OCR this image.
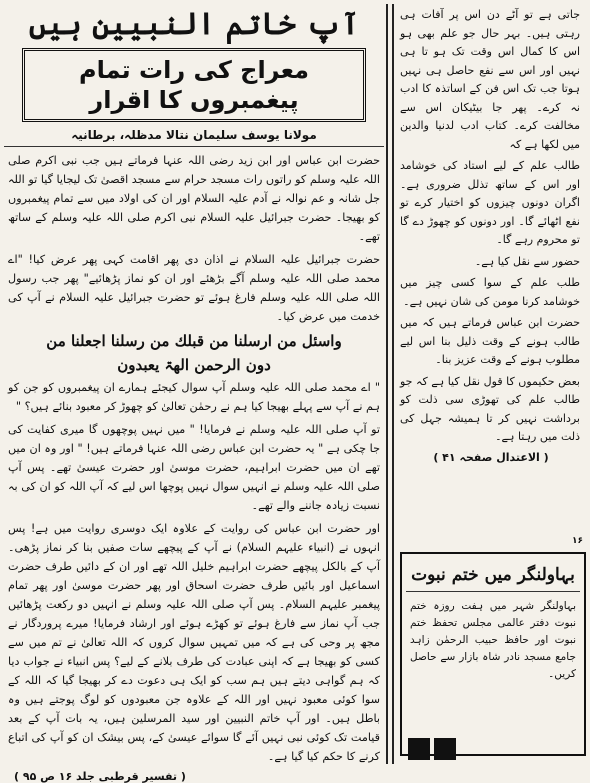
آپ خاتم النبیین ہیں
معراج کی رات تمام پیغمبروں کا اقرار
مولانا یوسف سلیمان نتالا مدظلہ، برطانیہ

حضرت ابن عباس اور ابن زید رضی اللہ عنہا فرماتے ہیں جب نبی اکرم صلی اللہ علیہ وسلم کو راتوں رات مسجد حرام سے مسجد اقصیٰ تک لیجایا گیا تو اللہ جل شانہ و عم نوالہ نے آدم علیہ السلام اور ان کی اولاد میں سے تمام پیغمبروں کو بھیجا۔ حضرت جبرائیل علیہ السلام نبی اکرم صلی اللہ علیہ وسلم کے ساتھ تھے۔

حضرت جبرائیل علیہ السلام نے اذان دی پھر اقامت کہی پھر عرض کیا! "اے محمد صلی اللہ علیہ وسلم آگے بڑھئے اور ان کو نماز پڑھائیے" پھر جب رسول اللہ صلی اللہ علیہ وسلم فارغ ہوئے تو حضرت جبرائیل علیہ السلام نے آپ کی خدمت میں عرض کیا۔

واسئل من ارسلنا من قبلك من رسلنا اجعلنا من
دون الرحمن الھۃ یعبدون

" اے محمد صلی اللہ علیہ وسلم آپ سوال کیجئے ہمارے ان پیغمبروں کو جن کو ہم نے آپ سے پہلے بھیجا کیا ہم نے رحمٰن تعالیٰ کو چھوڑ کر معبود بنائے ہیں؟ "

تو آپ صلی اللہ علیہ وسلم نے فرمایا! " میں نہیں پوچھوں گا میری کفایت کی جا چکی ہے " یہ حضرت ابن عباس رضی اللہ عنہا فرماتے ہیں! " اور وہ ان میں تھے ان میں حضرت ابراہیم، حضرت موسیٰ اور حضرت عیسیٰ تھے۔ پس آپ صلی اللہ علیہ وسلم نے انہیں سوال نہیں پوچھا اس لیے کہ آپ اللہ کو ان کی بہ نسبت زیادہ جاننے والے تھے۔

اور حضرت ابن عباس کی روایت کے علاوہ ایک دوسری روایت میں ہے! پس انہوں نے (انبیاء علیہم السلام) نے آپ کے پیچھے سات صفیں بنا کر نماز پڑھی۔ آپ کے بالکل پیچھے حضرت ابراہیم خلیل اللہ تھے اور ان کے دائیں طرف حضرت اسماعیل اور بائیں طرف حضرت اسحاق اور پھر حضرت موسیٰ اور پھر تمام پیغمبر علیہم السلام۔ پس آپ صلی اللہ علیہ وسلم نے انہیں دو رکعت پڑھائیں جب آپ نماز سے فارغ ہوئے تو کھڑے ہوئے اور ارشاد فرمایا! میرے پروردگار نے مجھ پر وحی کی ہے کہ میں تمہیں سوال کروں کہ اللہ تعالیٰ نے تم میں سے کسی کو بھیجا ہے کہ اپنی عبادت کی طرف بلانے کے لیے؟ پس انبیاء نے جواب دیا کہ ہم گواہی دیتے ہیں ہم سب کو ایک ہی دعوت دے کر بھیجا گیا کہ اللہ کے سوا کوئی معبود نہیں اور اللہ کے علاوہ جن معبودوں کو لوگ پوجتے ہیں وہ باطل ہیں۔ اور آپ خاتم النبیین اور سید المرسلین ہیں، یہ بات آپ کے بعد قیامت تک کوئی نبی نہیں آئے گا سوائے عیسیٰ کے، پس بیشک ان کو آپ کی اتباع کرنے کا حکم کیا گیا ہے۔

( تفسیر قرطبی جلد ۱۶ ص ۹۵ )

جاتی ہے تو آٹے دن اس پر آفات ہی رہتی ہیں۔ بہر حال جو علم بھی ہو اس کا کمال اس وقت تک ہو تا ہی نہیں اور اس سے نفع حاصل ہی نہیں ہوتا جب تک اس فن کے اساتذہ کا ادب نہ کرے۔ پھر جا بیٹیکان اس سے مخالفت کرے۔ کتاب ادب لدنیا والدین میں لکھا ہے کہ

طالب علم کے لیے استاد کی خوشامد اور اس کے ساتھ تذلل ضروری ہے۔ اگران دونوں چیزوں کو اختیار کرے تو نفع اٹھائے گا۔ اور دونوں کو چھوڑ دے گا تو محروم رہے گا۔

حضور سے نقل کیا ہے۔

طلب علم کے سوا کسی چیز میں خوشامد کرنا مومن کی شان نہیں ہے۔

حضرت ابن عباس فرماتے ہیں کہ میں طالب ہونے کے وقت ذلیل بنا اس لیے مطلوب ہونے کے وقت عزیز بنا۔

بعض حکیموں کا قول نقل کیا ہے کہ جو طالب علم کی تھوڑی سی ذلت کو برداشت نہیں کر تا ہمیشہ جہل کی ذلت میں رہتا ہے۔

( الاعتدال صفحہ ۴۱ )
۱۶
بہاولنگر میں ختم نبوت
بہاولنگر شہر میں ہفت روزہ ختم نبوت دفتر عالمی مجلس تحفظ ختم نبوت اور حافظ حبیب الرحمٰن زاہد جامع مسجد نادر شاہ بازار سے حاصل کریں۔
